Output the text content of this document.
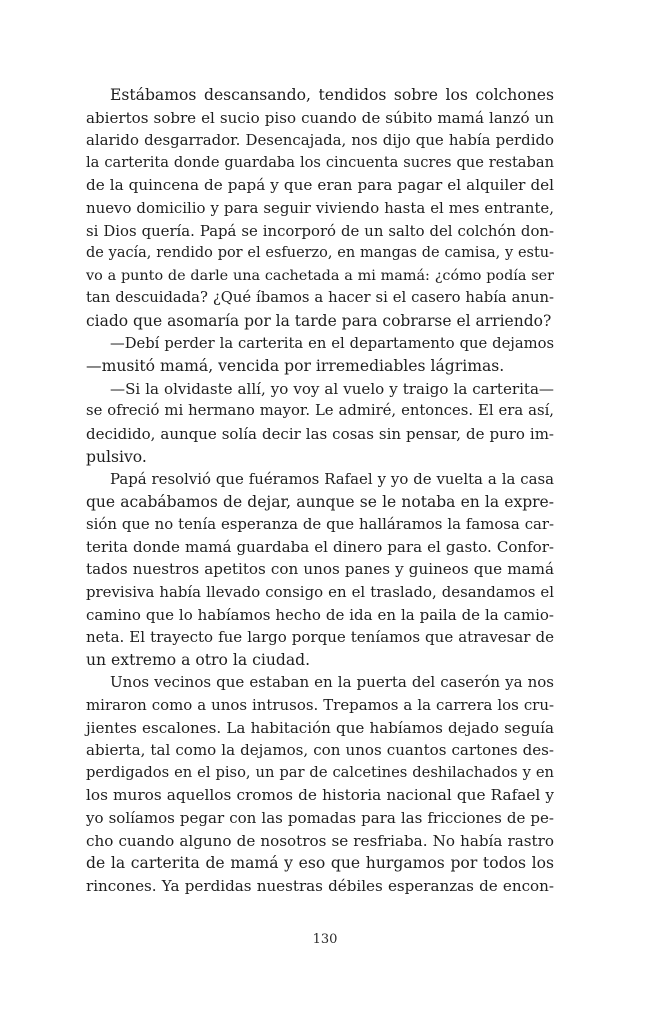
Estábamos descansando, tendidos sobre los colchones
abiertos sobre el sucio piso cuando de súbito mamá lanzó un
alarido desgarrador. Desencajada, nos dijo que había perdido
la carterita donde guardaba los cincuenta sucres que restaban
de la quincena de papá y que eran para pagar el alquiler del
nuevo domicilio y para seguir viviendo hasta el mes entrante,
si Dios quería. Papá se incorporó de un salto del colchón don-
de yacía, rendido por el esfuerzo, en mangas de camisa, y estu-
vo a punto de darle una cachetada a mi mamá: ¿cómo podía ser
tan descuidada? ¿Qué íbamos a hacer si el casero había anun-
ciado que asomaría por la tarde para cobrarse el arriendo?
—Debí perder la carterita en el departamento que dejamos
—musitó mamá, vencida por irremediables lágrimas.
—Si la olvidaste allí, yo voy al vuelo y traigo la carterita—
se ofreció mi hermano mayor. Le admiré, entonces. El era así,
decidido, aunque solía decir las cosas sin pensar, de puro im-
pulsivo.
Papá resolvió que fuéramos Rafael y yo de vuelta a la casa
que acabábamos de dejar, aunque se le notaba en la expre-
sión que no tenía esperanza de que halláramos la famosa car-
terita donde mamá guardaba el dinero para el gasto. Confor-
tados nuestros apetitos con unos panes y guineos que mamá
previsiva había llevado consigo en el traslado, desandamos el
camino que lo habíamos hecho de ida en la paila de la camio-
neta. El trayecto fue largo porque teníamos que atravesar de
un extremo a otro la ciudad.
Unos vecinos que estaban en la puerta del caserón ya nos
miraron como a unos intrusos. Trepamos a la carrera los cru-
jientes escalones. La habitación que habíamos dejado seguía
abierta, tal como la dejamos, con unos cuantos cartones des-
perdigados en el piso, un par de calcetines deshilachados y en
los muros aquellos cromos de historia nacional que Rafael y
yo solíamos pegar con las pomadas para las fricciones de pe-
cho cuando alguno de nosotros se resfriaba. No había rastro
de la carterita de mamá y eso que hurgamos por todos los
rincones. Ya perdidas nuestras débiles esperanzas de encon-
130
